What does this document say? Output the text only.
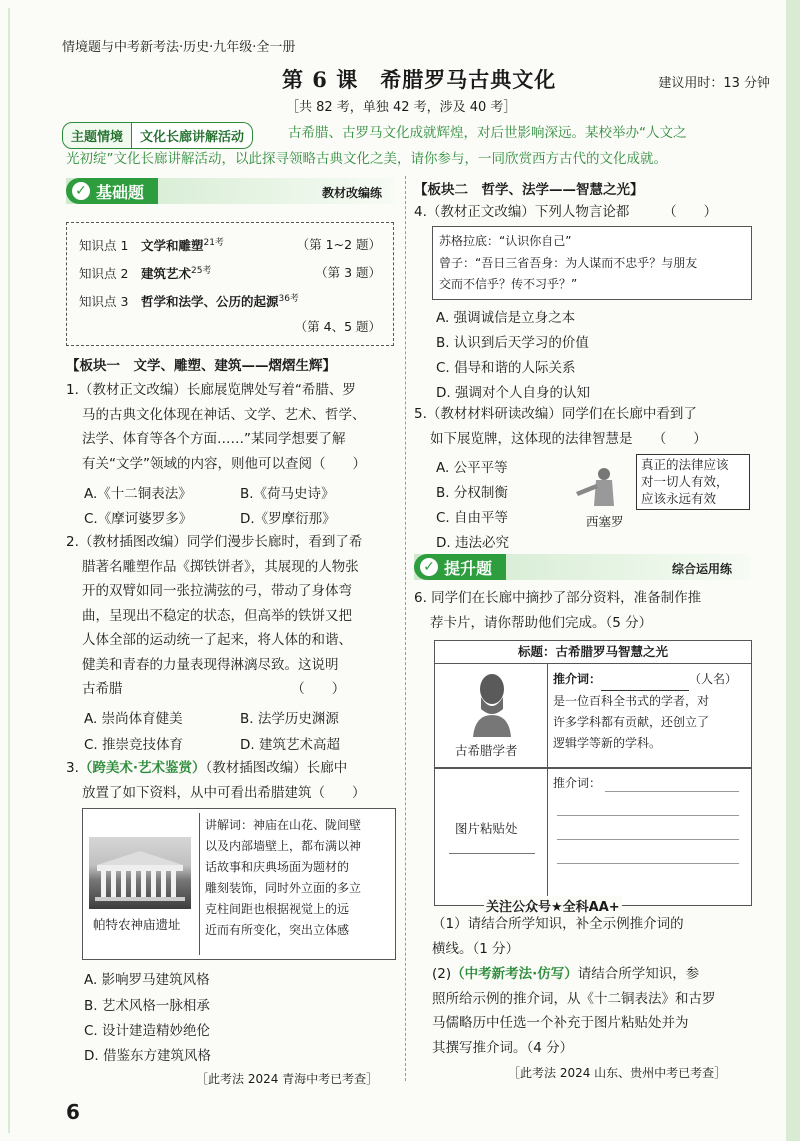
情境题与中考新考法·历史·九年级·全一册
第 6 课　希腊罗马古典文化	建议用时：13 分钟
［共 82 考，单独 42 考，涉及 40 考］
主题情境	文化长廊讲解活动	古希腊、古罗马文化成就辉煌，对后世影响深远。某校举办“人文之
光初绽”文化长廊讲解活动，以此探寻领略古典文化之美，请你参与，一同欣赏西方古代的文化成就。
✓ 基础题	教材改编练
知识点 1　 文学和雕塑$^{21考}$	（第 1~2 题）
知识点 2　 建筑艺术$^{25考}$	（第 3 题）
知识点 3　 哲学和法学、公历的起源$^{36考}$
（第 4、5 题）
【板块一　文学、雕塑、建筑——熠熠生辉】
1.（教材正文改编）长廊展览牌处写着“希腊、罗
马的古典文化体现在神话、文学、艺术、哲学、
法学、体育等各个方面……”某同学想要了解
有关“文学”领域的内容，则他可以查阅（　　）
A.《十二铜表法》	B.《荷马史诗》
C.《摩诃婆罗多》	D.《罗摩衍那》
2.（教材插图改编）同学们漫步长廊时，看到了希
腊著名雕塑作品《掷铁饼者》，其展现的人物张
开的双臂如同一张拉满弦的弓，带动了身体弯
曲，呈现出不稳定的状态，但高举的铁饼又把
人体全部的运动统一了起来，将人体的和谐、
健美和青春的力量表现得淋漓尽致。这说明
古希腊　　　　　　　　　　　　　（　　）
A. 崇尚体育健美	B. 法学历史渊源
C. 推崇竞技体育	D. 建筑艺术高超
3.（跨美术·艺术鉴赏）（教材插图改编）长廊中
放置了如下资料，从中可看出希腊建筑（　　）
帕特农神庙遗址
讲解词：神庙在山花、陇间壁
以及内部墙壁上，都布满以神
话故事和庆典场面为题材的
雕刻装饰，同时外立面的多立
克柱间距也根据视觉上的远
近而有所变化，突出立体感
A. 影响罗马建筑风格
B. 艺术风格一脉相承
C. 设计建造精妙绝伦
D. 借鉴东方建筑风格
［此考法 2024 青海中考已考查］
【板块二　哲学、法学——智慧之光】
4.（教材正文改编）下列人物言论都　　　（　　）
苏格拉底：“认识你自己”
曾子：“吾日三省吾身：为人谋而不忠乎？与朋友
交而不信乎？传不习乎？”
A. 强调诚信是立身之本
B. 认识到后天学习的价值
C. 倡导和谐的人际关系
D. 强调对个人自身的认知
5.（教材材料研读改编）同学们在长廊中看到了
如下展览牌，这体现的法律智慧是　　（　　）
A. 公平平等
B. 分权制衡
C. 自由平等
D. 违法必究
西塞罗
真正的法律应该
对一切人有效，
应该永远有效
✓ 提升题	综合运用练
6. 同学们在长廊中摘抄了部分资料，准备制作推
荐卡片，请你帮助他们完成。（5 分）
标题：古希腊罗马智慧之光
古希腊学者
推介词：	（人名）
是一位百科全书式的学者，对
许多学科都有贡献，还创立了
逻辑学等新的学科。
图片粘贴处
推介词：
关注公众号★全科AA+
（1）请结合所学知识，补全示例推介词的
横线。（1 分）
(2)（中考新考法·仿写）请结合所学知识，参
照所给示例的推介词，从《十二铜表法》和古罗
马儒略历中任选一个补充于图片粘贴处并为
其撰写推介词。（4 分）
［此考法 2024 山东、贵州中考已考查］
6
